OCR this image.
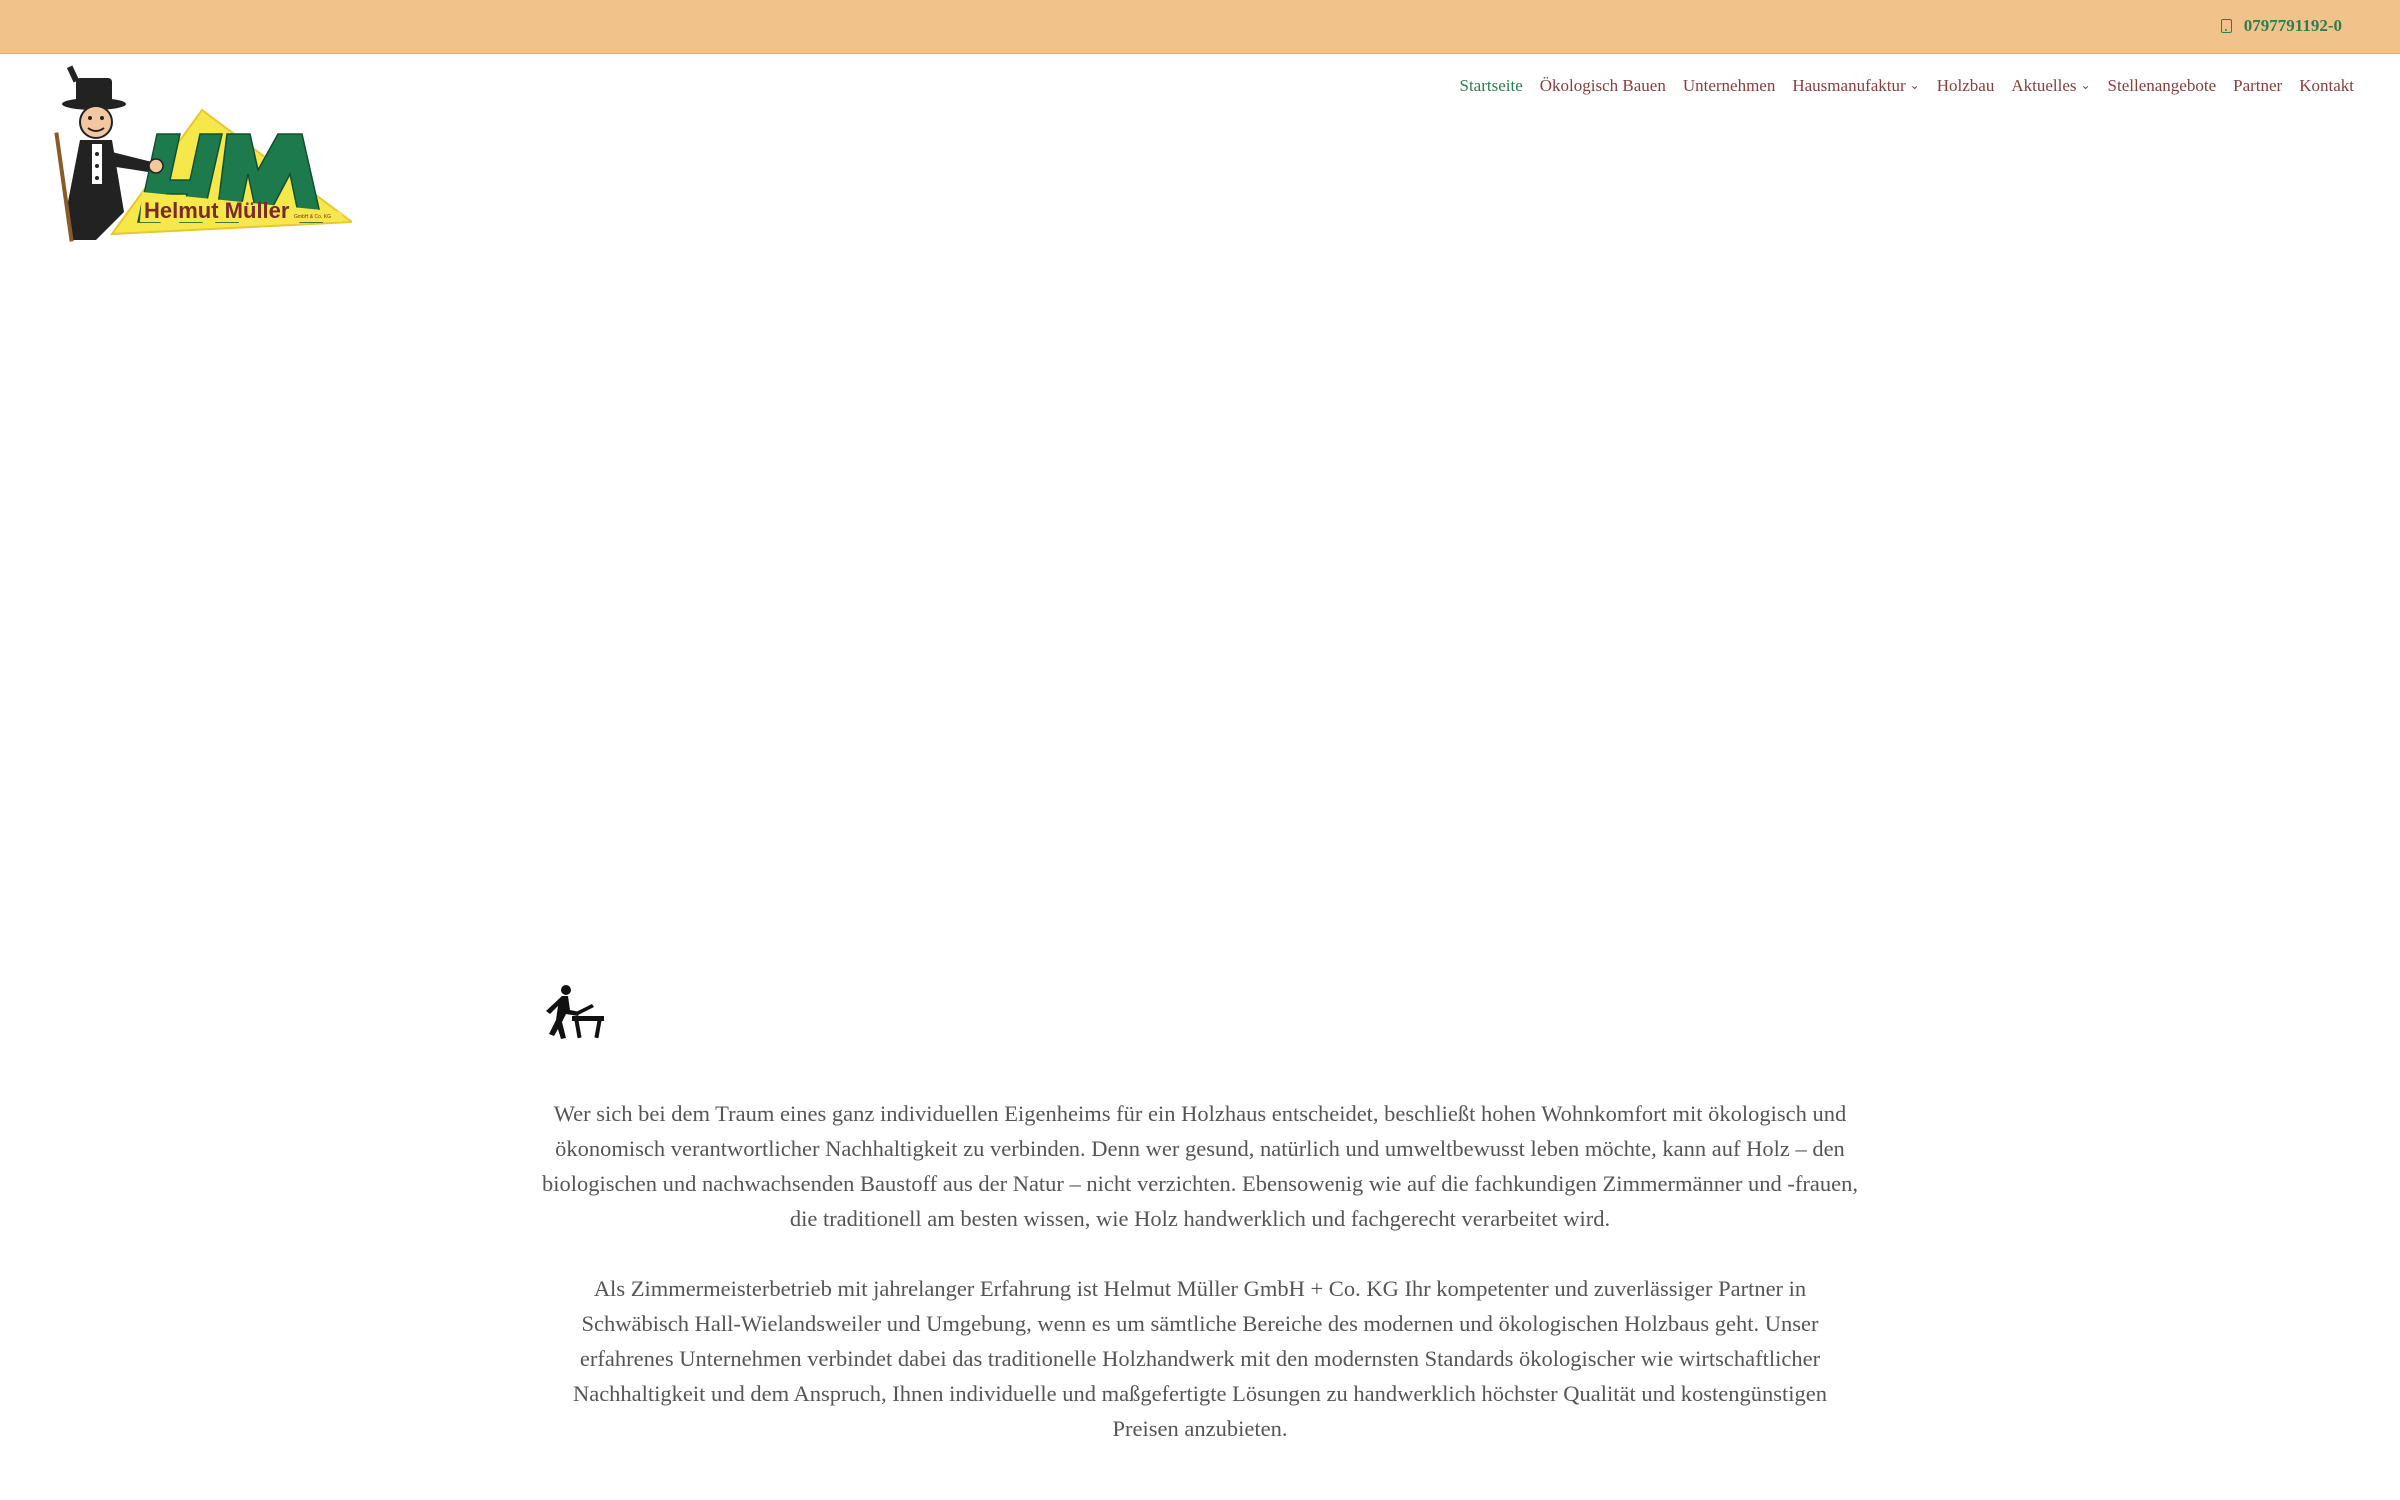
0797791192-0
Helmut Müller GmbH & Co. KG
Startseite Ökologisch Bauen Unternehmen Hausmanufaktur ⌄ Holzbau Aktuelles ⌄ Stellenangebote Partner Kontakt

Wer sich bei dem Traum eines ganz individuellen Eigenheims für ein Holzhaus entscheidet, beschließt hohen Wohnkomfort mit ökologisch und ökonomisch verantwortlicher Nachhaltigkeit zu verbinden. Denn wer gesund, natürlich und umweltbewusst leben möchte, kann auf Holz – den biologischen und nachwachsenden Baustoff aus der Natur – nicht verzichten. Ebensowenig wie auf die fachkundigen Zimmermänner und -frauen, die traditionell am besten wissen, wie Holz handwerklich und fachgerecht verarbeitet wird.

Als Zimmermeisterbetrieb mit jahrelanger Erfahrung ist Helmut Müller GmbH + Co. KG Ihr kompetenter und zuverlässiger Partner in Schwäbisch Hall-Wielandsweiler und Umgebung, wenn es um sämtliche Bereiche des modernen und ökologischen Holzbaus geht. Unser erfahrenes Unternehmen verbindet dabei das traditionelle Holzhandwerk mit den modernsten Standards ökologischer wie wirtschaftlicher Nachhaltigkeit und dem Anspruch, Ihnen individuelle und maßgefertigte Lösungen zu handwerklich höchster Qualität und kostengünstigen Preisen anzubieten.
